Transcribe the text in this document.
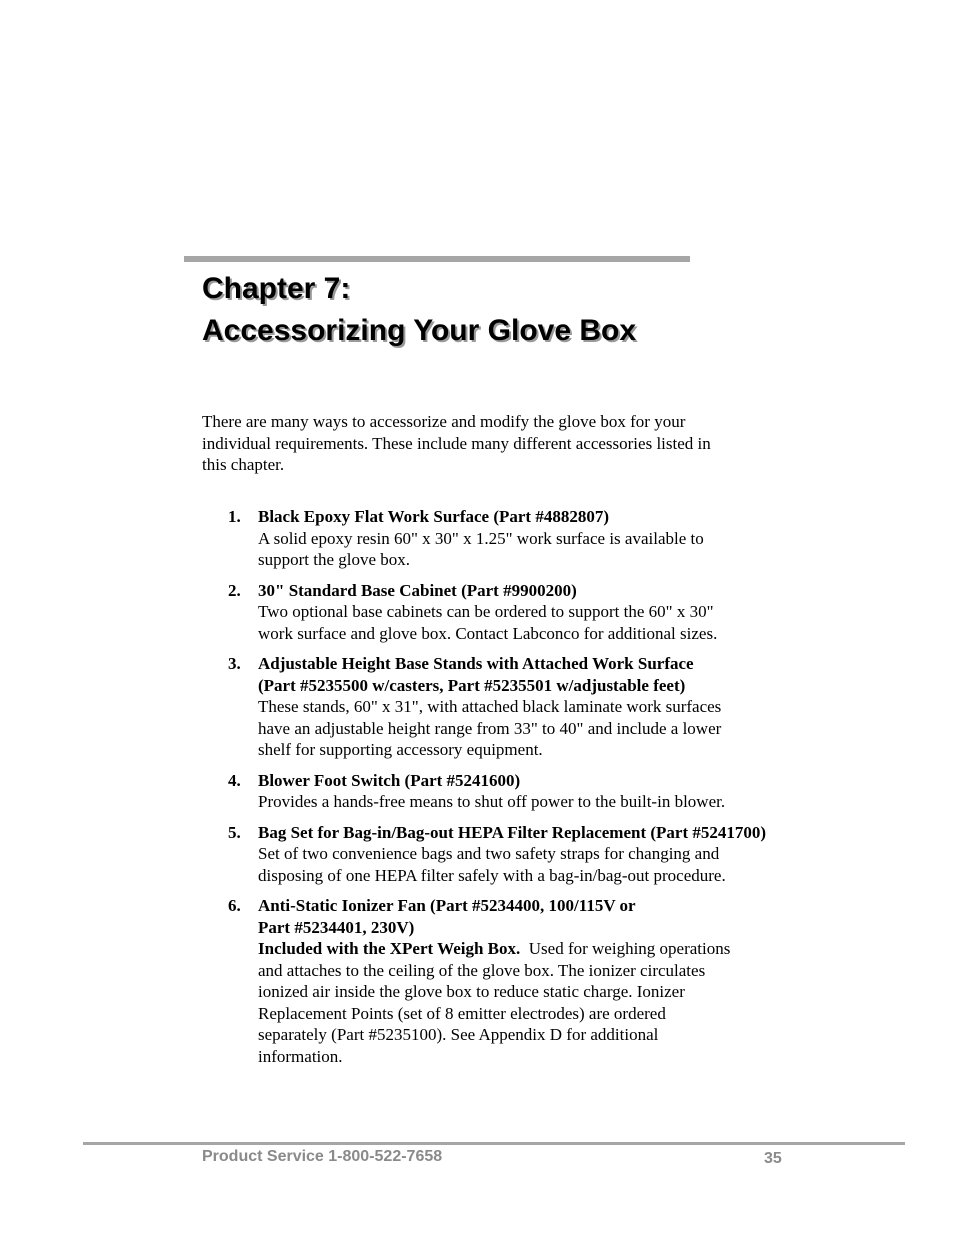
Chapter 7:
Accessorizing Your Glove Box
There are many ways to accessorize and modify the glove box for your
individual requirements. These include many different accessories listed in
this chapter.
1. Black Epoxy Flat Work Surface (Part #4882807)
A solid epoxy resin 60" x 30" x 1.25" work surface is available to
support the glove box.
2. 30" Standard Base Cabinet (Part #9900200)
Two optional base cabinets can be ordered to support the 60" x 30"
work surface and glove box. Contact Labconco for additional sizes.
3. Adjustable Height Base Stands with Attached Work Surface
(Part #5235500 w/casters, Part #5235501 w/adjustable feet)
These stands, 60" x 31", with attached black laminate work surfaces
have an adjustable height range from 33" to 40" and include a lower
shelf for supporting accessory equipment.
4. Blower Foot Switch (Part #5241600)
Provides a hands-free means to shut off power to the built-in blower.
5. Bag Set for Bag-in/Bag-out HEPA Filter Replacement (Part #5241700)
Set of two convenience bags and two safety straps for changing and
disposing of one HEPA filter safely with a bag-in/bag-out procedure.
6. Anti-Static Ionizer Fan (Part #5234400, 100/115V or
Part #5234401, 230V)
Included with the XPert Weigh Box.  Used for weighing operations
and attaches to the ceiling of the glove box. The ionizer circulates
ionized air inside the glove box to reduce static charge. Ionizer
Replacement Points (set of 8 emitter electrodes) are ordered
separately (Part #5235100). See Appendix D for additional
information.
Product Service 1-800-522-7658	35
